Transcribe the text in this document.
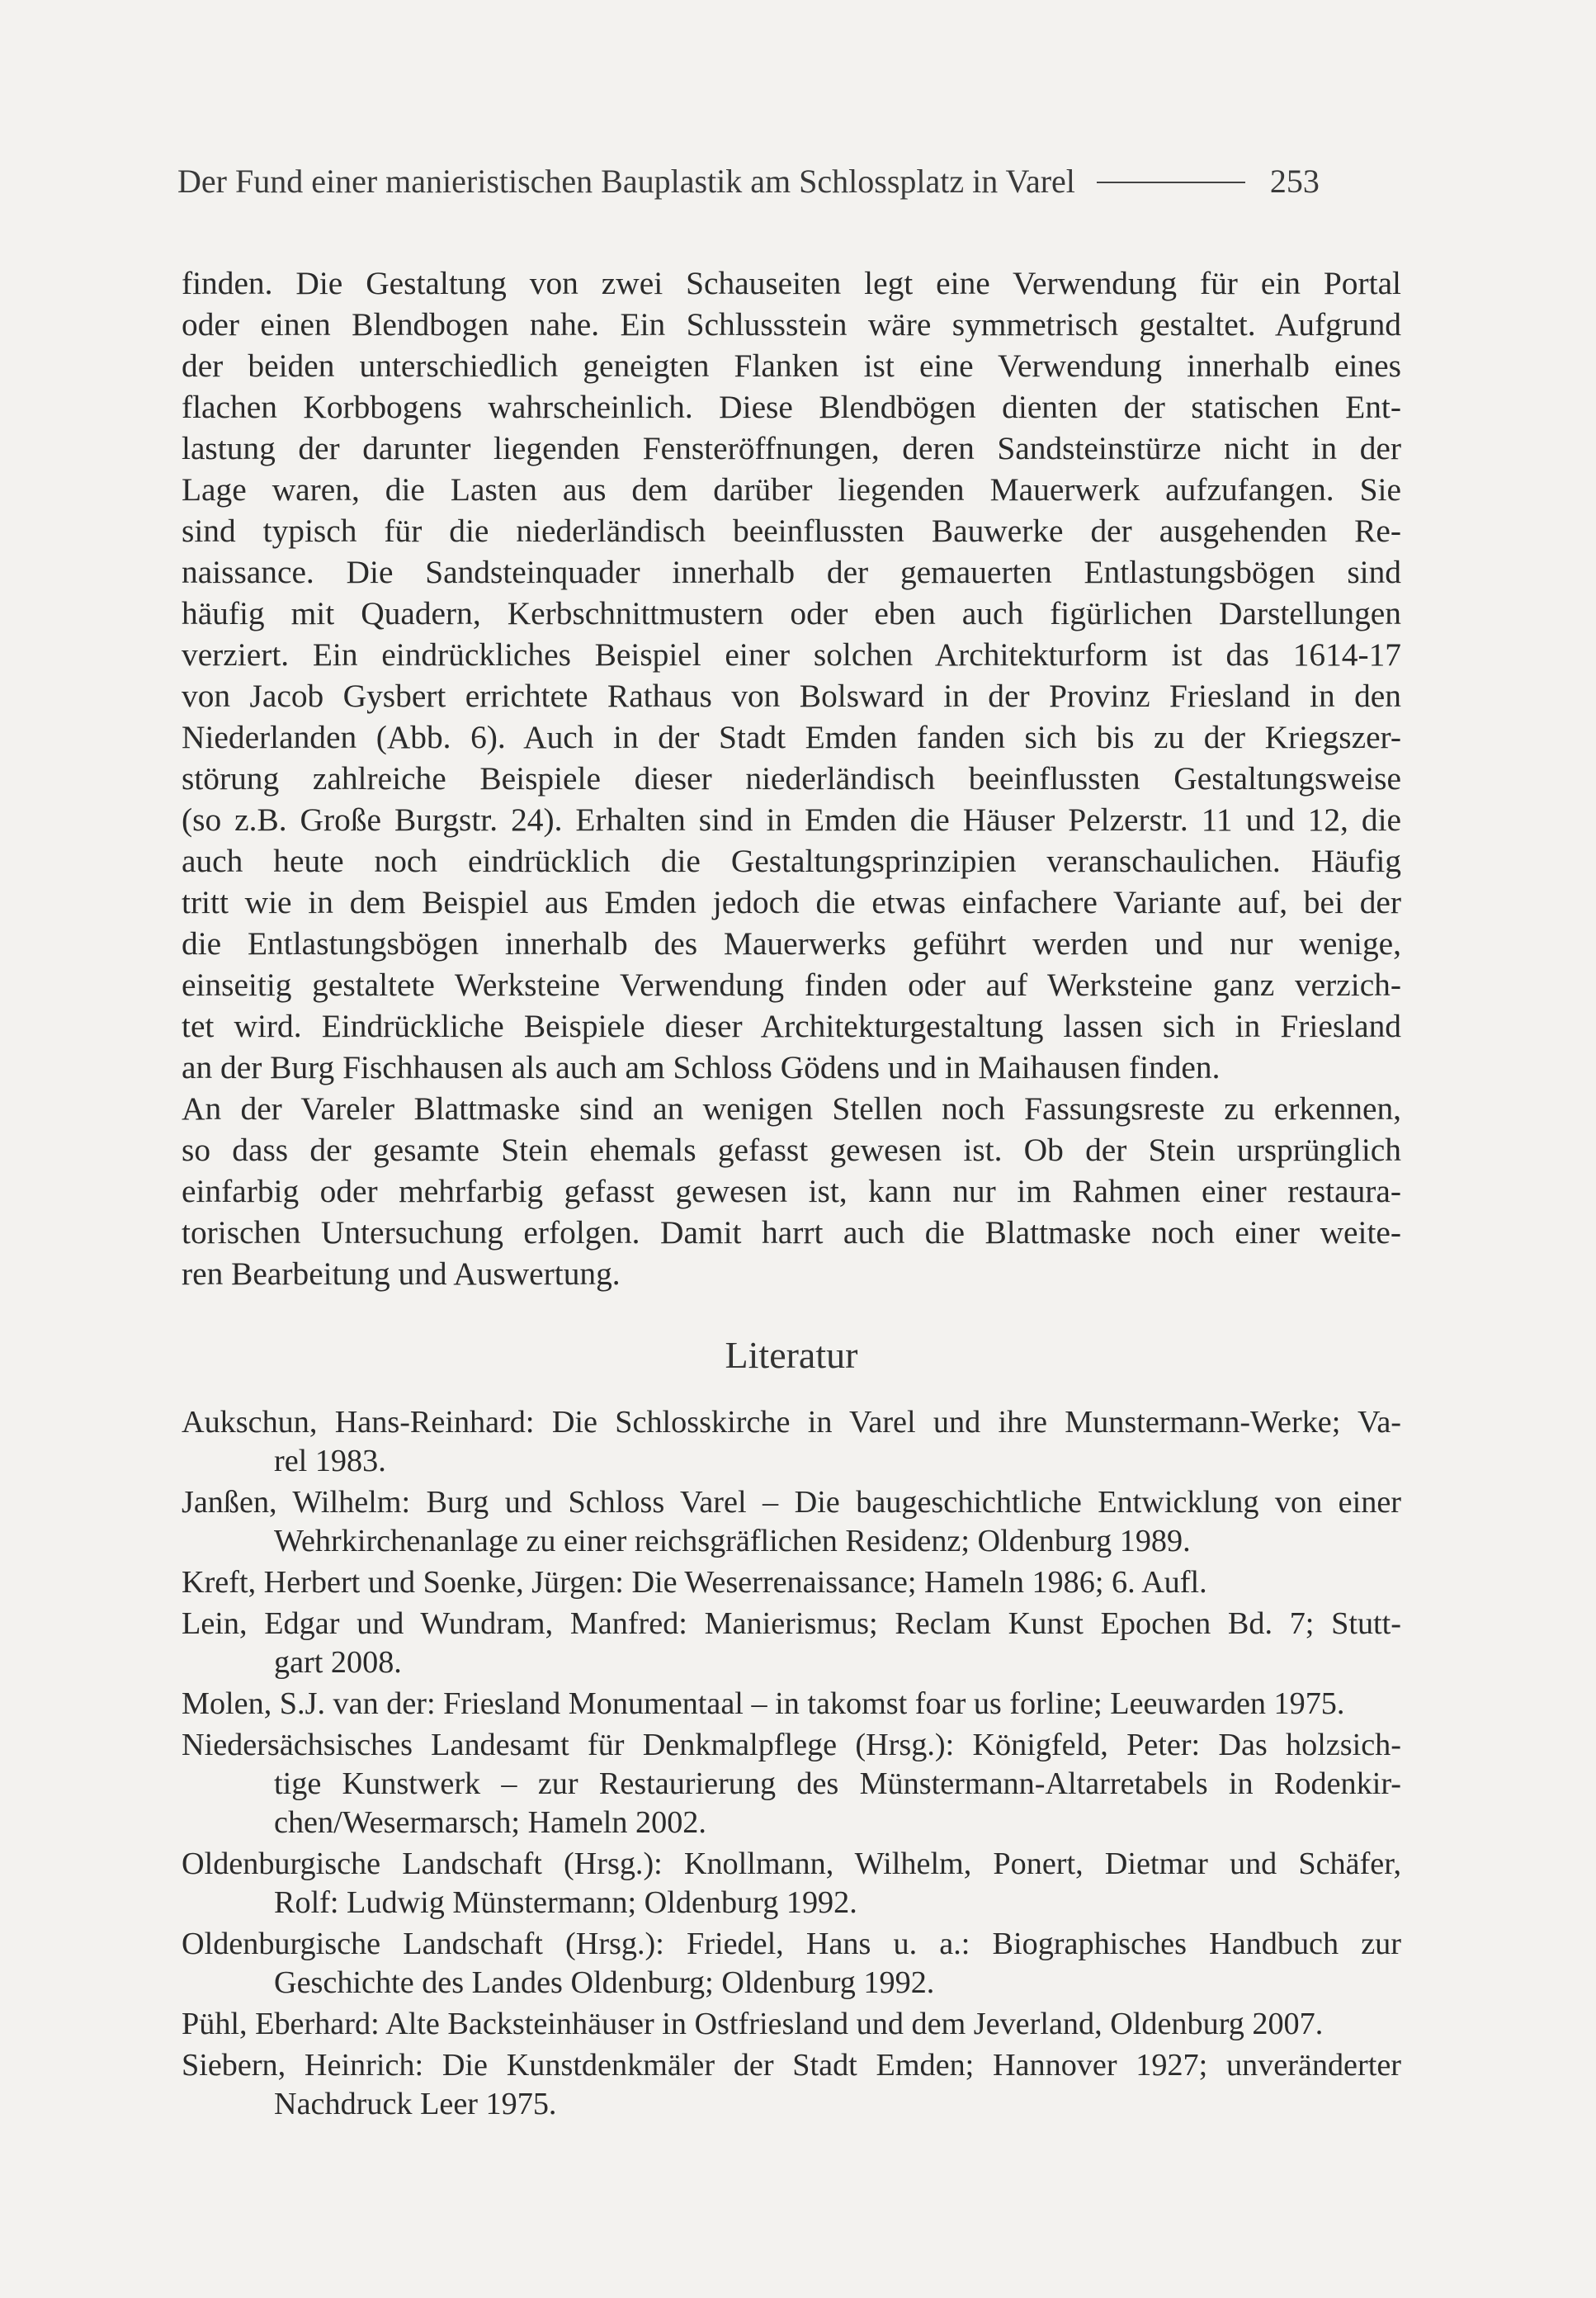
Der Fund einer manieristischen Bauplastik am Schlossplatz in Varel	253
finden. Die Gestaltung von zwei Schauseiten legt eine Verwendung für ein Portal
oder einen Blendbogen nahe. Ein Schlussstein wäre symmetrisch gestaltet. Aufgrund
der beiden unterschiedlich geneigten Flanken ist eine Verwendung innerhalb eines
flachen Korbbogens wahrscheinlich. Diese Blendbögen dienten der statischen Ent-
lastung der darunter liegenden Fensteröffnungen, deren Sandsteinstürze nicht in der
Lage waren, die Lasten aus dem darüber liegenden Mauerwerk aufzufangen. Sie
sind typisch für die niederländisch beeinflussten Bauwerke der ausgehenden Re-
naissance. Die Sandsteinquader innerhalb der gemauerten Entlastungsbögen sind
häufig mit Quadern, Kerbschnittmustern oder eben auch figürlichen Darstellungen
verziert. Ein eindrückliches Beispiel einer solchen Architekturform ist das 1614-17
von Jacob Gysbert errichtete Rathaus von Bolsward in der Provinz Friesland in den
Niederlanden (Abb. 6). Auch in der Stadt Emden fanden sich bis zu der Kriegszer-
störung zahlreiche Beispiele dieser niederländisch beeinflussten Gestaltungsweise
(so z.B. Große Burgstr. 24). Erhalten sind in Emden die Häuser Pelzerstr. 11 und 12, die
auch heute noch eindrücklich die Gestaltungsprinzipien veranschaulichen. Häufig
tritt wie in dem Beispiel aus Emden jedoch die etwas einfachere Variante auf, bei der
die Entlastungsbögen innerhalb des Mauerwerks geführt werden und nur wenige,
einseitig gestaltete Werksteine Verwendung finden oder auf Werksteine ganz verzich-
tet wird. Eindrückliche Beispiele dieser Architekturgestaltung lassen sich in Friesland
an der Burg Fischhausen als auch am Schloss Gödens und in Maihausen finden.
An der Vareler Blattmaske sind an wenigen Stellen noch Fassungsreste zu erkennen,
so dass der gesamte Stein ehemals gefasst gewesen ist. Ob der Stein ursprünglich
einfarbig oder mehrfarbig gefasst gewesen ist, kann nur im Rahmen einer restaura-
torischen Untersuchung erfolgen. Damit harrt auch die Blattmaske noch einer weite-
ren Bearbeitung und Auswertung.
Literatur
Aukschun, Hans-Reinhard: Die Schlosskirche in Varel und ihre Munstermann-Werke; Va-
rel 1983.
Janßen, Wilhelm: Burg und Schloss Varel – Die baugeschichtliche Entwicklung von einer
Wehrkirchenanlage zu einer reichsgräflichen Residenz; Oldenburg 1989.
Kreft, Herbert und Soenke, Jürgen: Die Weserrenaissance; Hameln 1986; 6. Aufl.
Lein, Edgar und Wundram, Manfred: Manierismus; Reclam Kunst Epochen Bd. 7; Stutt-
gart 2008.
Molen, S.J. van der: Friesland Monumentaal – in takomst foar us forline; Leeuwarden 1975.
Niedersächsisches Landesamt für Denkmalpflege (Hrsg.): Königfeld, Peter: Das holzsich-
tige Kunstwerk – zur Restaurierung des Münstermann-Altarretabels in Rodenkir-
chen/Wesermarsch; Hameln 2002.
Oldenburgische Landschaft (Hrsg.): Knollmann, Wilhelm, Ponert, Dietmar und Schäfer,
Rolf: Ludwig Münstermann; Oldenburg 1992.
Oldenburgische Landschaft (Hrsg.): Friedel, Hans u. a.: Biographisches Handbuch zur
Geschichte des Landes Oldenburg; Oldenburg 1992.
Pühl, Eberhard: Alte Backsteinhäuser in Ostfriesland und dem Jeverland, Oldenburg 2007.
Siebern, Heinrich: Die Kunstdenkmäler der Stadt Emden; Hannover 1927; unveränderter
Nachdruck Leer 1975.
